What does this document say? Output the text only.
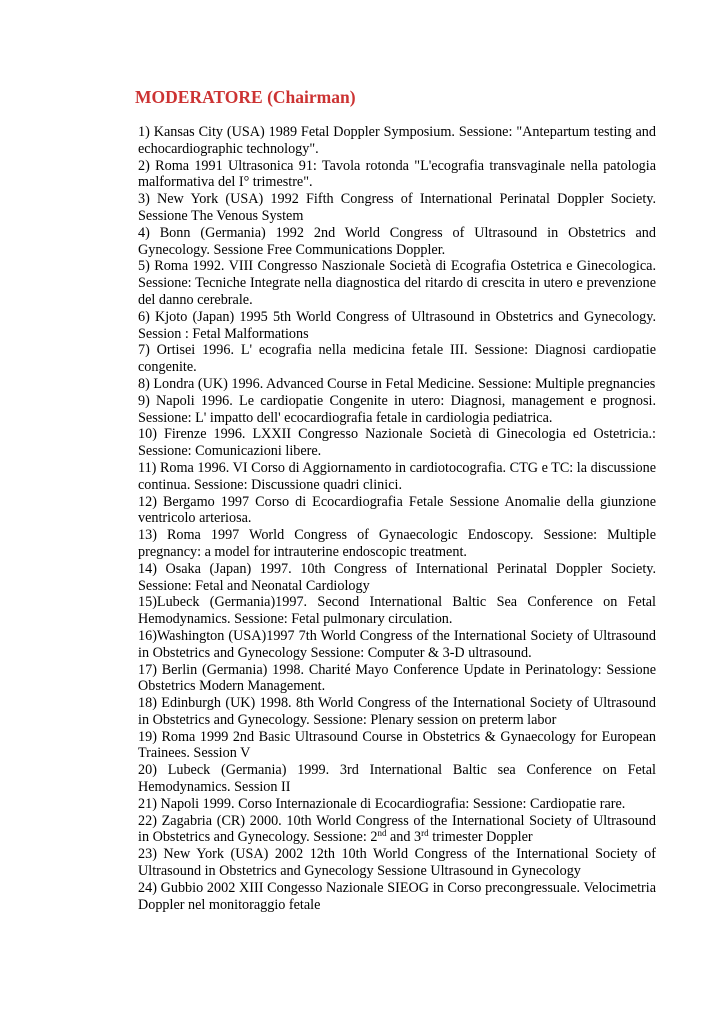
MODERATORE (Chairman)
1) Kansas City (USA) 1989 Fetal Doppler Symposium. Sessione: "Antepartum testing and echocardiographic technology".
2) Roma 1991 Ultrasonica 91: Tavola rotonda "L'ecografia transvaginale nella patologia malformativa del I° trimestre".
3) New York (USA) 1992 Fifth Congress of International Perinatal Doppler Society. Sessione The Venous System
4) Bonn (Germania) 1992 2nd World Congress of Ultrasound in Obstetrics and Gynecology. Sessione Free Communications Doppler.
5) Roma 1992. VIII Congresso Naszionale Società di Ecografia Ostetrica e Ginecologica. Sessione: Tecniche Integrate nella diagnostica del ritardo di crescita in utero e prevenzione del danno cerebrale.
6) Kjoto (Japan) 1995 5th World Congress of Ultrasound in Obstetrics and Gynecology. Session : Fetal Malformations
7) Ortisei 1996. L' ecografia nella medicina fetale III. Sessione: Diagnosi cardiopatie congenite.
8) Londra (UK) 1996. Advanced Course in Fetal Medicine. Sessione: Multiple pregnancies
9) Napoli 1996. Le cardiopatie Congenite in utero: Diagnosi, management e prognosi. Sessione: L' impatto dell' ecocardiografia fetale in cardiologia pediatrica.
10) Firenze 1996. LXXII Congresso Nazionale Società di Ginecologia ed Ostetricia.: Sessione: Comunicazioni libere.
11) Roma 1996. VI Corso di Aggiornamento in cardiotocografia. CTG e TC: la discussione continua. Sessione: Discussione quadri clinici.
12) Bergamo 1997 Corso di Ecocardiografia Fetale Sessione Anomalie della giunzione ventricolo arteriosa.
13) Roma 1997 World Congress of Gynaecologic Endoscopy. Sessione: Multiple pregnancy: a model for intrauterine endoscopic treatment.
14) Osaka (Japan) 1997. 10th Congress of International Perinatal Doppler Society. Sessione: Fetal and Neonatal Cardiology
15)Lubeck (Germania)1997. Second International Baltic Sea Conference on Fetal Hemodynamics. Sessione: Fetal pulmonary circulation.
16)Washington (USA)1997 7th World Congress of the International Society of Ultrasound in Obstetrics and Gynecology Sessione: Computer & 3-D ultrasound.
17) Berlin (Germania) 1998. Charité Mayo Conference Update in Perinatology: Sessione Obstetrics Modern Management.
18) Edinburgh (UK) 1998. 8th World Congress of the International Society of Ultrasound in Obstetrics and Gynecology. Sessione: Plenary session on preterm labor
19) Roma 1999 2nd Basic Ultrasound Course in Obstetrics & Gynaecology for European Trainees. Session V
20) Lubeck (Germania) 1999. 3rd International Baltic sea Conference on Fetal Hemodynamics. Session II
21) Napoli 1999. Corso Internazionale di Ecocardiografia: Sessione: Cardiopatie rare.
22) Zagabria (CR) 2000. 10th World Congress of the International Society of Ultrasound in Obstetrics and Gynecology. Sessione: 2nd and 3rd trimester Doppler
23) New York (USA) 2002 12th 10th World Congress of the International Society of Ultrasound in Obstetrics and Gynecology Sessione Ultrasound in Gynecology
24) Gubbio 2002 XIII Congesso Nazionale SIEOG in Corso precongressuale. Velocimetria Doppler nel monitoraggio fetale
